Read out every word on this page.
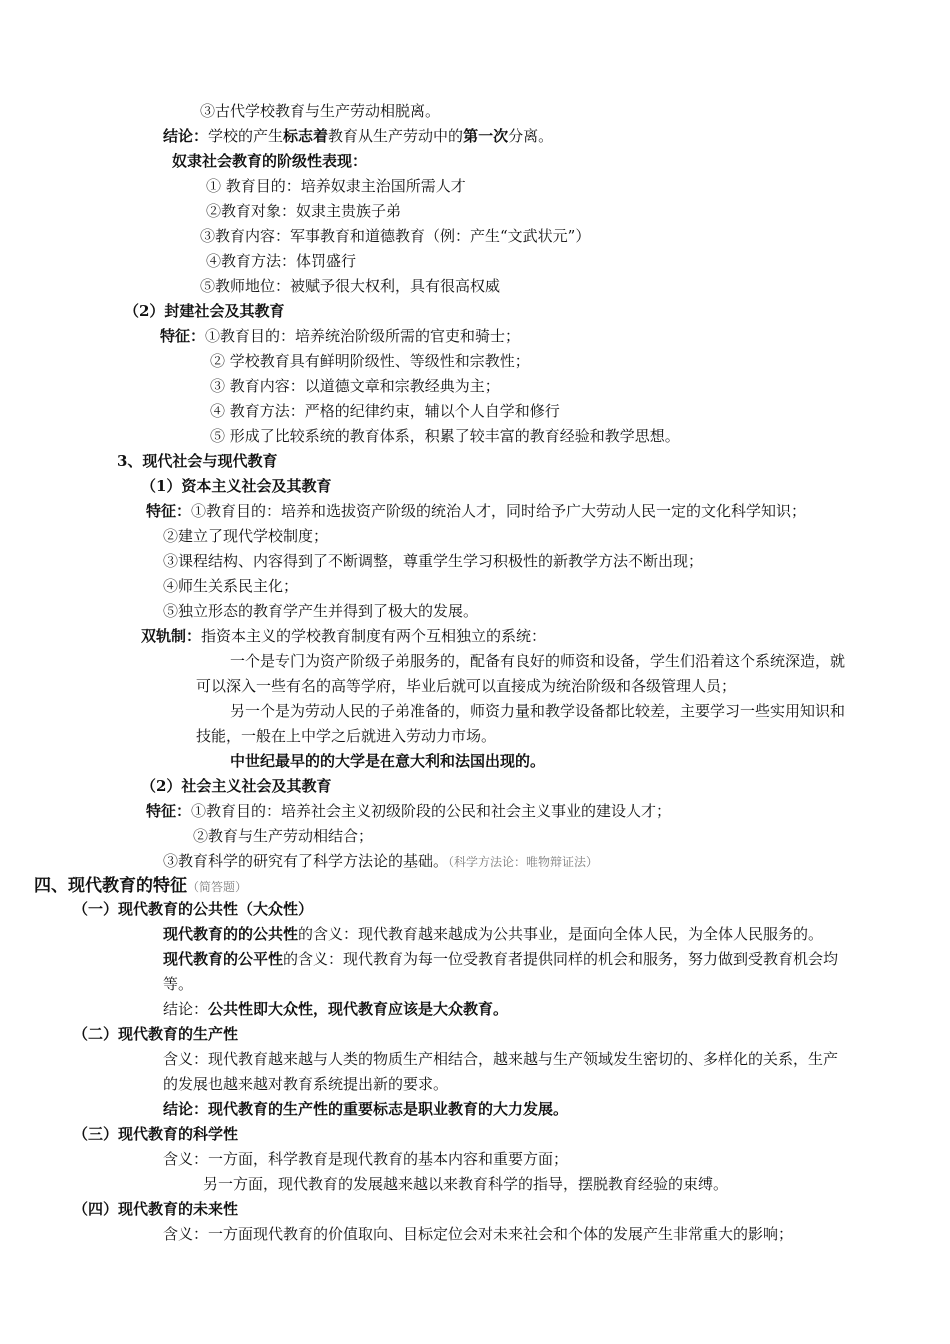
③古代学校教育与生产劳动相脱离。
结论：学校的产生标志着教育从生产劳动中的第一次分离。
奴隶社会教育的阶级性表现：
① 教育目的：培养奴隶主治国所需人才
②教育对象：奴隶主贵族子弟
③教育内容：军事教育和道德教育（例：产生“文武状元”）
④教育方法：体罚盛行
⑤教师地位：被赋予很大权利，具有很高权威
（2）封建社会及其教育
特征：①教育目的：培养统治阶级所需的官吏和骑士；
② 学校教育具有鲜明阶级性、等级性和宗教性；
③ 教育内容：以道德文章和宗教经典为主；
④ 教育方法：严格的纪律约束，辅以个人自学和修行
⑤ 形成了比较系统的教育体系，积累了较丰富的教育经验和教学思想。
3、现代社会与现代教育
（1）资本主义社会及其教育
特征：①教育目的：培养和选拔资产阶级的统治人才，同时给予广大劳动人民一定的文化科学知识；
②建立了现代学校制度；
③课程结构、内容得到了不断调整，尊重学生学习积极性的新教学方法不断出现；
④师生关系民主化；
⑤独立形态的教育学产生并得到了极大的发展。
双轨制：指资本主义的学校教育制度有两个互相独立的系统：
一个是专门为资产阶级子弟服务的，配备有良好的师资和设备，学生们沿着这个系统深造，就
可以深入一些有名的高等学府，毕业后就可以直接成为统治阶级和各级管理人员；
另一个是为劳动人民的子弟准备的，师资力量和教学设备都比较差，主要学习一些实用知识和
技能，一般在上中学之后就进入劳动力市场。
中世纪最早的的大学是在意大利和法国出现的。
（2）社会主义社会及其教育
特征：①教育目的：培养社会主义初级阶段的公民和社会主义事业的建设人才；
②教育与生产劳动相结合；
③教育科学的研究有了科学方法论的基础。（科学方法论：唯物辩证法）
四、现代教育的特征（简答题）
（一）现代教育的公共性（大众性）
现代教育的的公共性的含义：现代教育越来越成为公共事业，是面向全体人民，为全体人民服务的。
现代教育的公平性的含义：现代教育为每一位受教育者提供同样的机会和服务，努力做到受教育机会均
等。
结论：公共性即大众性，现代教育应该是大众教育。
（二）现代教育的生产性
含义：现代教育越来越与人类的物质生产相结合，越来越与生产领域发生密切的、多样化的关系，生产
的发展也越来越对教育系统提出新的要求。
结论：现代教育的生产性的重要标志是职业教育的大力发展。
（三）现代教育的科学性
含义：一方面，科学教育是现代教育的基本内容和重要方面；
另一方面，现代教育的发展越来越以来教育科学的指导，摆脱教育经验的束缚。
（四）现代教育的未来性
含义：一方面现代教育的价值取向、目标定位会对未来社会和个体的发展产生非常重大的影响；
